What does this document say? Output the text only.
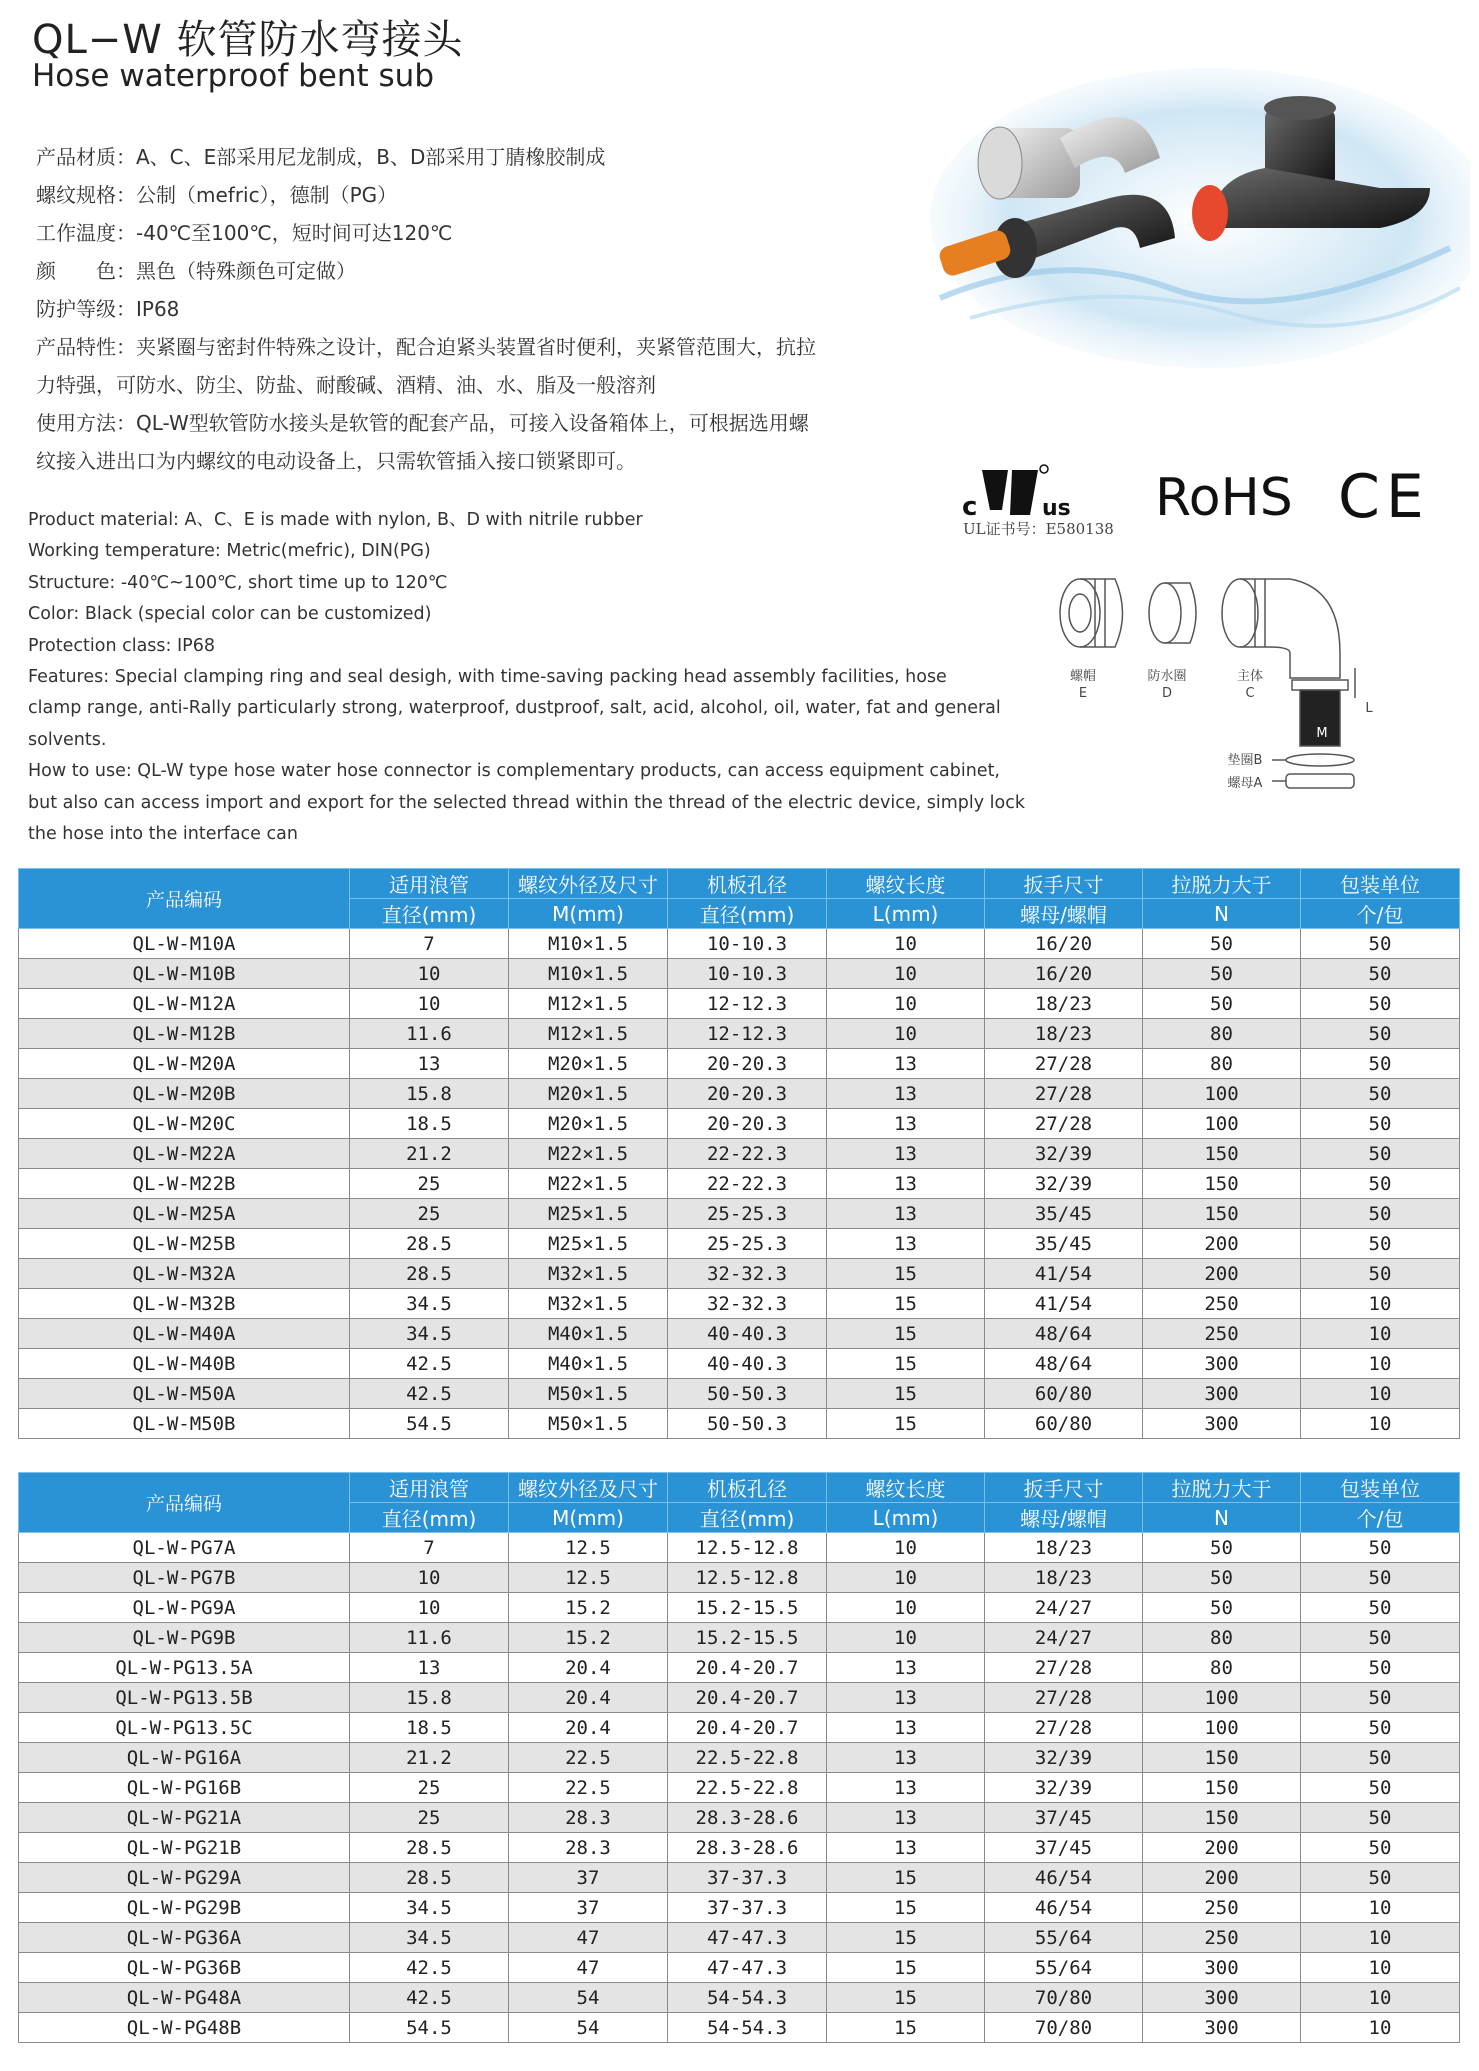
QL−W 软管防水弯接头
Hose waterproof bent sub
产品材质：A、C、E部采用尼龙制成，B、D部采用丁腈橡胶制成
螺纹规格：公制（mefric），德制（PG）
工作温度：-40℃至100℃，短时间可达120℃
颜　　色：黑色（特殊颜色可定做）
防护等级：IP68
产品特性：夹紧圈与密封件特殊之设计，配合迫紧头装置省时便利，夹紧管范围大，抗拉
力特强，可防水、防尘、防盐、耐酸碱、酒精、油、水、脂及一般溶剂
使用方法：QL-W型软管防水接头是软管的配套产品，可接入设备箱体上，可根据选用螺
纹接入进出口为内螺纹的电动设备上，只需软管插入接口锁紧即可。
Product material: A、C、E is made with nylon, B、D with nitrile rubber
Working temperature: Metric(mefric), DIN(PG)
Structure: -40℃~100℃, short time up to 120℃
Color: Black (special color can be customized)
Protection class: IP68
Features: Special clamping ring and seal desigh, with time-saving packing head assembly facilities, hose
clamp range, anti-Rally particularly strong, waterproof, dustproof, salt, acid, alcohol, oil, water, fat and general
solvents.
How to use: QL-W type hose water hose connector is complementary products, can access equipment cabinet,
but also can access import and export for the selected thread within the thread of the electric device, simply lock
the hose into the interface can
c	us RoHS CE
UL证书号：E580138
螺帽
E
防水圈
D
主体
C
M
L
垫圈B
螺母A
产品编码	适用浪管	螺纹外径及尺寸	机板孔径	螺纹长度	扳手尺寸	拉脱力大于	包装单位
	直径(mm)	M(mm)	直径(mm)	L(mm)	螺母/螺帽	N	个/包
QL-W-M10A	7	M10×1.5	10-10.3	10	16/20	50	50
QL-W-M10B	10	M10×1.5	10-10.3	10	16/20	50	50
QL-W-M12A	10	M12×1.5	12-12.3	10	18/23	50	50
QL-W-M12B	11.6	M12×1.5	12-12.3	10	18/23	80	50
QL-W-M20A	13	M20×1.5	20-20.3	13	27/28	80	50
QL-W-M20B	15.8	M20×1.5	20-20.3	13	27/28	100	50
QL-W-M20C	18.5	M20×1.5	20-20.3	13	27/28	100	50
QL-W-M22A	21.2	M22×1.5	22-22.3	13	32/39	150	50
QL-W-M22B	25	M22×1.5	22-22.3	13	32/39	150	50
QL-W-M25A	25	M25×1.5	25-25.3	13	35/45	150	50
QL-W-M25B	28.5	M25×1.5	25-25.3	13	35/45	200	50
QL-W-M32A	28.5	M32×1.5	32-32.3	15	41/54	200	50
QL-W-M32B	34.5	M32×1.5	32-32.3	15	41/54	250	10
QL-W-M40A	34.5	M40×1.5	40-40.3	15	48/64	250	10
QL-W-M40B	42.5	M40×1.5	40-40.3	15	48/64	300	10
QL-W-M50A	42.5	M50×1.5	50-50.3	15	60/80	300	10
QL-W-M50B	54.5	M50×1.5	50-50.3	15	60/80	300	10
产品编码	适用浪管	螺纹外径及尺寸	机板孔径	螺纹长度	扳手尺寸	拉脱力大于	包装单位
	直径(mm)	M(mm)	直径(mm)	L(mm)	螺母/螺帽	N	个/包
QL-W-PG7A	7	12.5	12.5-12.8	10	18/23	50	50
QL-W-PG7B	10	12.5	12.5-12.8	10	18/23	50	50
QL-W-PG9A	10	15.2	15.2-15.5	10	24/27	50	50
QL-W-PG9B	11.6	15.2	15.2-15.5	10	24/27	80	50
QL-W-PG13.5A	13	20.4	20.4-20.7	13	27/28	80	50
QL-W-PG13.5B	15.8	20.4	20.4-20.7	13	27/28	100	50
QL-W-PG13.5C	18.5	20.4	20.4-20.7	13	27/28	100	50
QL-W-PG16A	21.2	22.5	22.5-22.8	13	32/39	150	50
QL-W-PG16B	25	22.5	22.5-22.8	13	32/39	150	50
QL-W-PG21A	25	28.3	28.3-28.6	13	37/45	150	50
QL-W-PG21B	28.5	28.3	28.3-28.6	13	37/45	200	50
QL-W-PG29A	28.5	37	37-37.3	15	46/54	200	50
QL-W-PG29B	34.5	37	37-37.3	15	46/54	250	10
QL-W-PG36A	34.5	47	47-47.3	15	55/64	250	10
QL-W-PG36B	42.5	47	47-47.3	15	55/64	300	10
QL-W-PG48A	42.5	54	54-54.3	15	70/80	300	10
QL-W-PG48B	54.5	54	54-54.3	15	70/80	300	10
